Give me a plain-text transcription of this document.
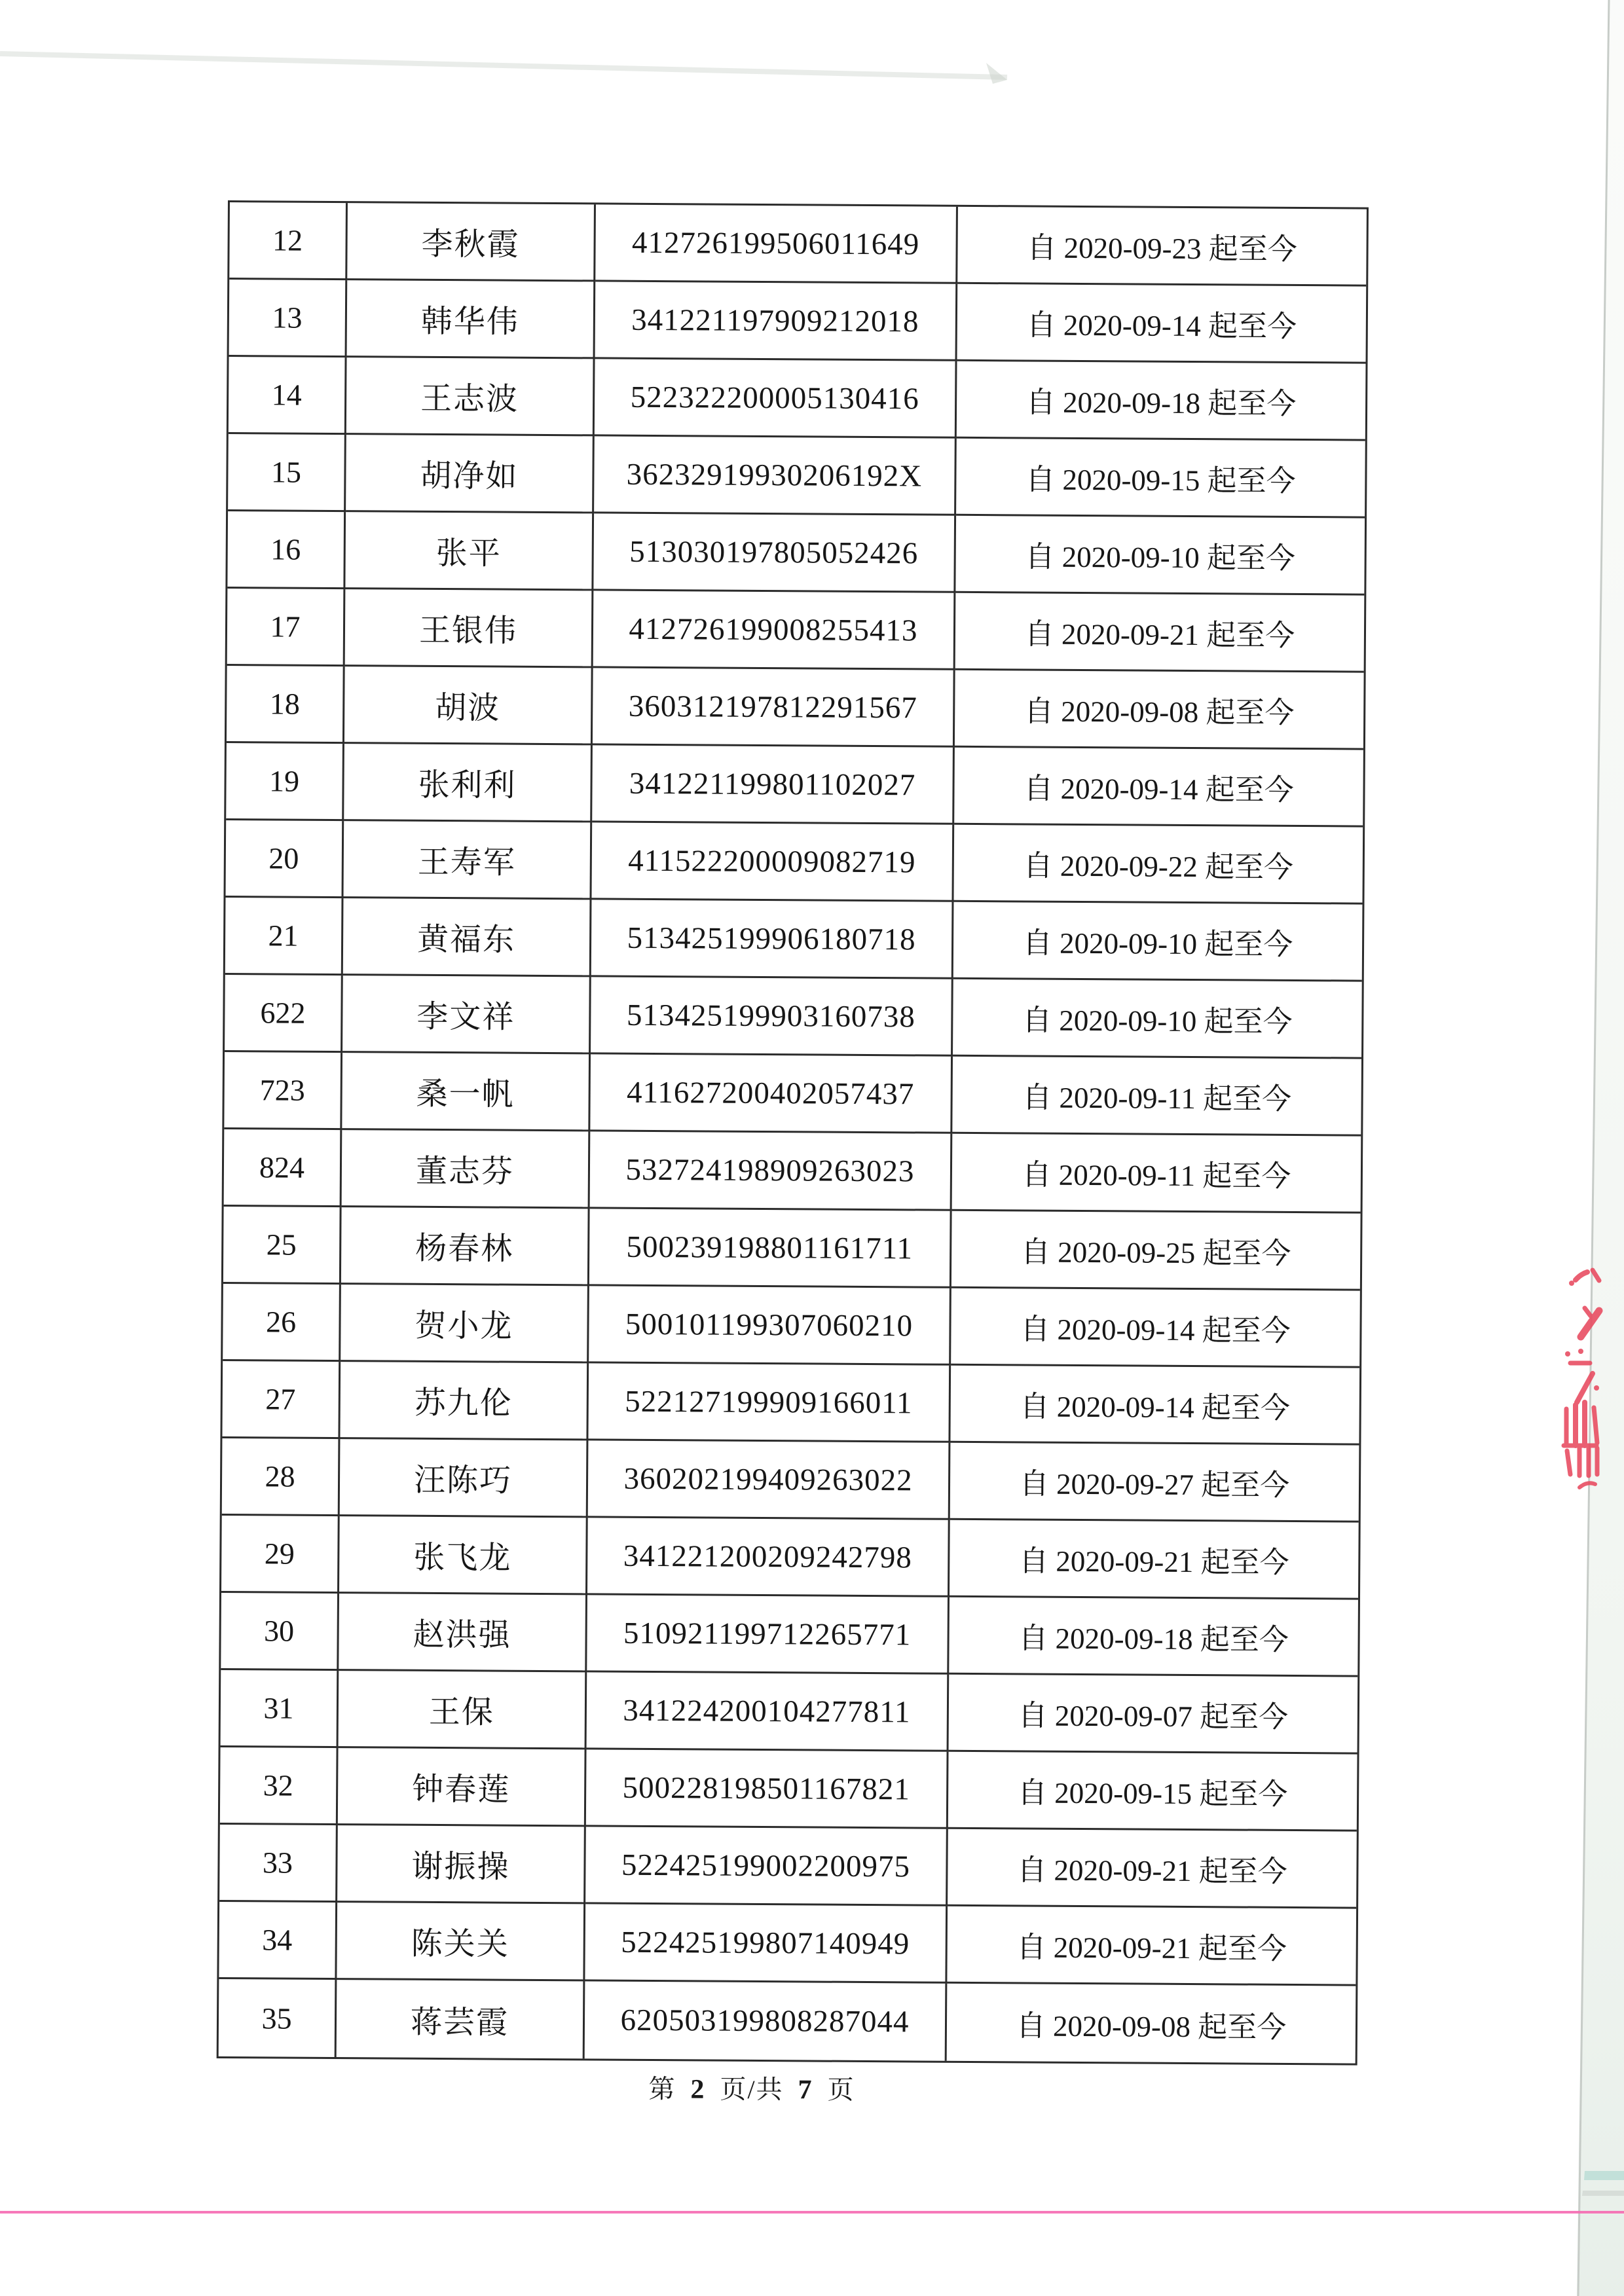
12	李秋霞	412726199506011649	自 2020-09-23 起至今
13	韩华伟	341221197909212018	自 2020-09-14 起至今
14	王志波	522322200005130416	自 2020-09-18 起至今
15	胡净如	36232919930206192X	自 2020-09-15 起至今
16	张平	513030197805052426	自 2020-09-10 起至今
17	王银伟	412726199008255413	自 2020-09-21 起至今
18	胡波	360312197812291567	自 2020-09-08 起至今
19	张利利	341221199801102027	自 2020-09-14 起至今
20	王寿军	411522200009082719	自 2020-09-22 起至今
21	黄福东	513425199906180718	自 2020-09-10 起至今
622	李文祥	513425199903160738	自 2020-09-10 起至今
723	桑一帆	411627200402057437	自 2020-09-11 起至今
824	董志芬	532724198909263023	自 2020-09-11 起至今
25	杨春林	500239198801161711	自 2020-09-25 起至今
26	贺小龙	500101199307060210	自 2020-09-14 起至今
27	苏九伦	522127199909166011	自 2020-09-14 起至今
28	汪陈巧	360202199409263022	自 2020-09-27 起至今
29	张飞龙	341221200209242798	自 2020-09-21 起至今
30	赵洪强	510921199712265771	自 2020-09-18 起至今
31	王保	341224200104277811	自 2020-09-07 起至今
32	钟春莲	500228198501167821	自 2020-09-15 起至今
33	谢振操	522425199002200975	自 2020-09-21 起至今
34	陈关关	522425199807140949	自 2020-09-21 起至今
35	蒋芸霞	620503199808287044	自 2020-09-08 起至今
第 2 页/共 7 页
